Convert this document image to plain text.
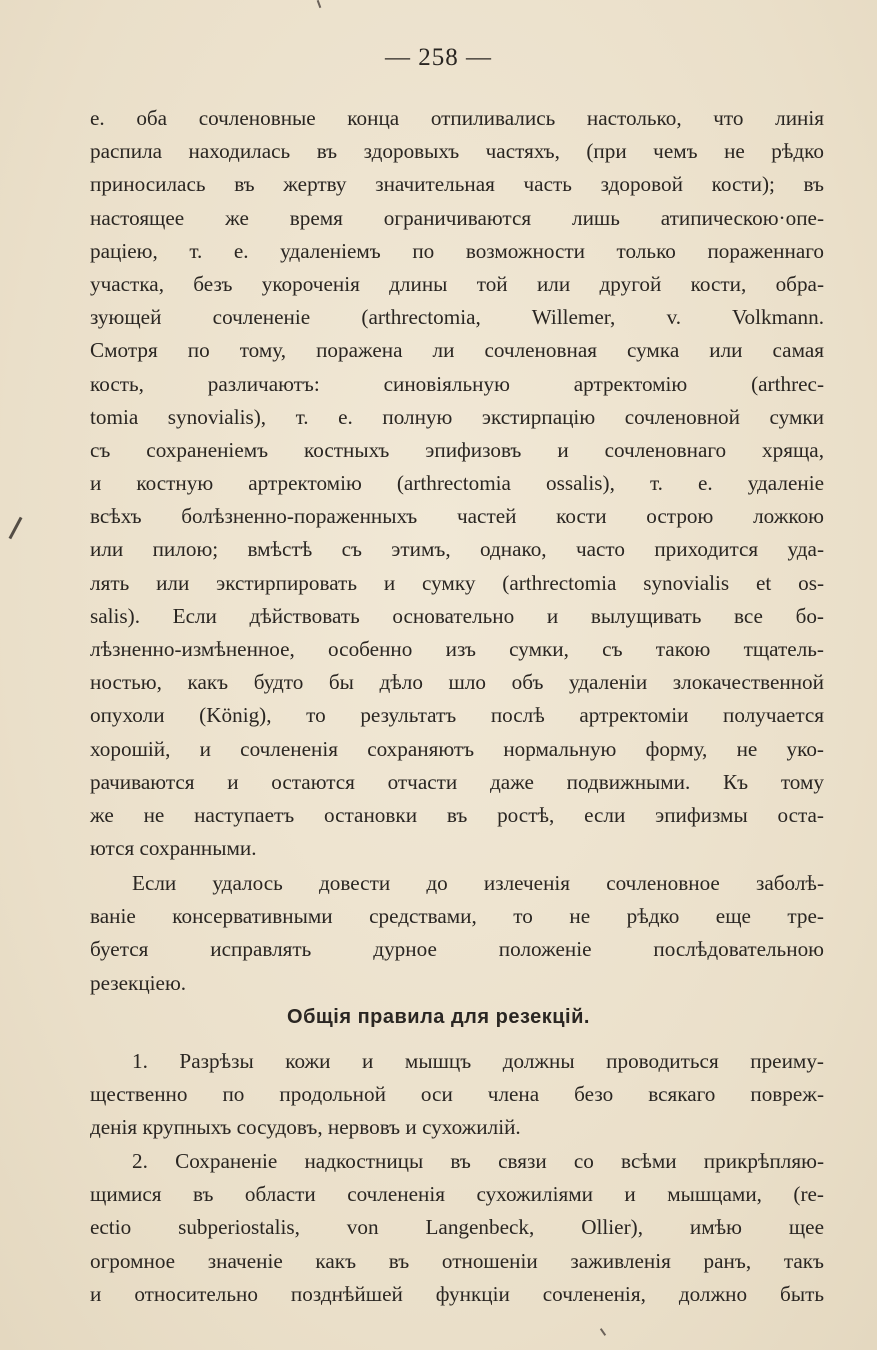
— 258 —
е. оба сочленовные конца отпиливались настолько, что линія
распила находилась въ здоровыхъ частяхъ, (при чемъ не рѣдко
приносилась въ жертву значительная часть здоровой кости); въ
настоящее же время ограничиваются лишь атипическою·опе-
раціею, т. е. удаленіемъ по возможности только пораженнаго
участка, безъ укороченія длины той или другой кости, обра-
зующей сочлененіе (arthrectomia, Willemer, v. Volkmann.
Смотря по тому, поражена ли сочленовная сумка или самая
кость, различаютъ: синовіяльную артректомію (arthrec-
tomia synovialis), т. е. полную экстирпацію сочленовной сумки
съ сохраненіемъ костныхъ эпифизовъ и сочленовнаго хряща,
и костную артректомію (arthrectomia ossalis), т. е. удаленіе
всѣхъ болѣзненно-пораженныхъ частей кости острою ложкою
или пилою; вмѣстѣ съ этимъ, однако, часто приходится уда-
лять или экстирпировать и сумку (arthrectomia synovialis et os-
salis). Если дѣйствовать основательно и вылущивать все бо-
лѣзненно-измѣненное, особенно изъ сумки, съ такою тщатель-
ностью, какъ будто бы дѣло шло объ удаленіи злокачественной
опухоли (König), то результатъ послѣ артректоміи получается
хорошій, и сочлененія сохраняютъ нормальную форму, не уко-
рачиваются и остаются отчасти даже подвижными. Къ тому
же не наступаетъ остановки въ ростѣ, если эпифизмы оста-
ются сохранными.
Если удалось довести до излеченія сочленовное заболѣ-
ваніе консервативными средствами, то не рѣдко еще тре-
буется исправлять дурное положеніе послѣдовательною
резекціею.
Общія правила для резекцій.
1. Разрѣзы кожи и мышцъ должны проводиться преиму-
щественно по продольной оси члена безо всякаго повреж-
денія крупныхъ сосудовъ, нервовъ и сухожилій.
2. Сохраненіе надкостницы въ связи со всѣми прикрѣпляю-
щимися въ области сочлененія сухожиліями и мышцами, (re-
ectio subperiostalis, von Langenbeck, Ollier), имѣю щее
огромное значеніе какъ въ отношеніи заживленія ранъ, такъ
и относительно позднѣйшей функціи сочлененія, должно быть
